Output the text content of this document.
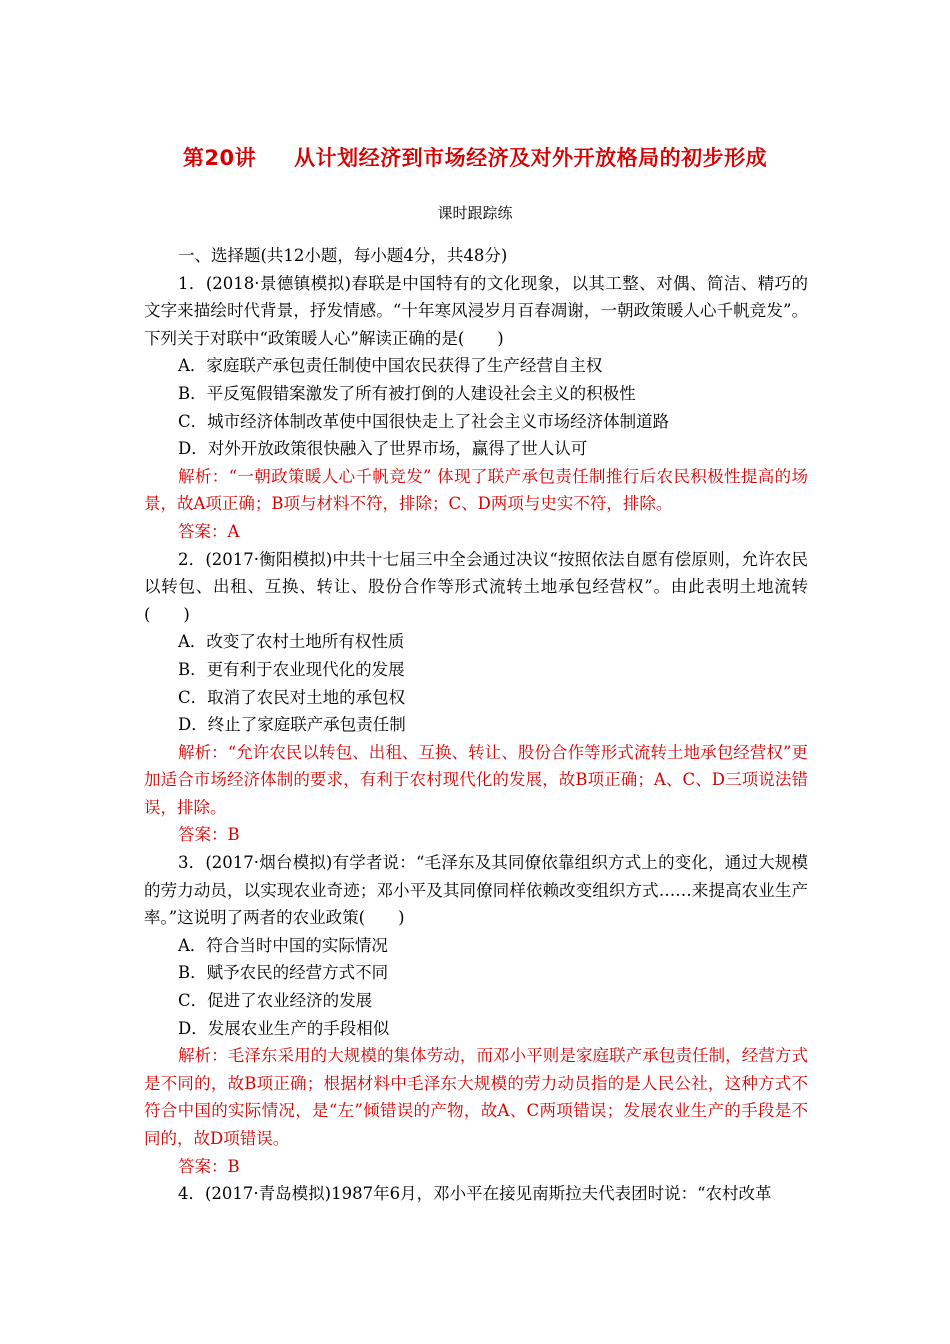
第20讲 从计划经济到市场经济及对外开放格局的初步形成
课时跟踪练
一、选择题(共12小题，每小题4分，共48分)
1．(2018·景德镇模拟)春联是中国特有的文化现象，以其工整、对偶、简洁、精巧的文字来描绘时代背景，抒发情感。“十年寒风浸岁月百春凋谢，一朝政策暖人心千帆竞发”。下列关于对联中“政策暖人心”解读正确的是(　　)
A．家庭联产承包责任制使中国农民获得了生产经营自主权
B．平反冤假错案激发了所有被打倒的人建设社会主义的积极性
C．城市经济体制改革使中国很快走上了社会主义市场经济体制道路
D．对外开放政策很快融入了世界市场，赢得了世人认可
解析：“一朝政策暖人心千帆竞发” 体现了联产承包责任制推行后农民积极性提高的场景，故A项正确；B项与材料不符，排除；C、D两项与史实不符，排除。
答案：A
2．(2017·衡阳模拟)中共十七届三中全会通过决议“按照依法自愿有偿原则，允许农民以转包、出租、互换、转让、股份合作等形式流转土地承包经营权”。由此表明土地流转(　　)
A．改变了农村土地所有权性质
B．更有利于农业现代化的发展
C．取消了农民对土地的承包权
D．终止了家庭联产承包责任制
解析：“允许农民以转包、出租、互换、转让、股份合作等形式流转土地承包经营权”更加适合市场经济体制的要求，有利于农村现代化的发展，故B项正确；A、C、D三项说法错误，排除。
答案：B
3．(2017·烟台模拟)有学者说：“毛泽东及其同僚依靠组织方式上的变化，通过大规模的劳力动员，以实现农业奇迹；邓小平及其同僚同样依赖改变组织方式……来提高农业生产率。”这说明了两者的农业政策(　　)
A．符合当时中国的实际情况
B．赋予农民的经营方式不同
C．促进了农业经济的发展
D．发展农业生产的手段相似
解析：毛泽东采用的大规模的集体劳动，而邓小平则是家庭联产承包责任制，经营方式是不同的，故B项正确；根据材料中毛泽东大规模的劳力动员指的是人民公社，这种方式不符合中国的实际情况，是“左”倾错误的产物，故A、C两项错误；发展农业生产的手段是不同的，故D项错误。
答案：B
4．(2017·青岛模拟)1987年6月，邓小平在接见南斯拉夫代表团时说：“农村改革
